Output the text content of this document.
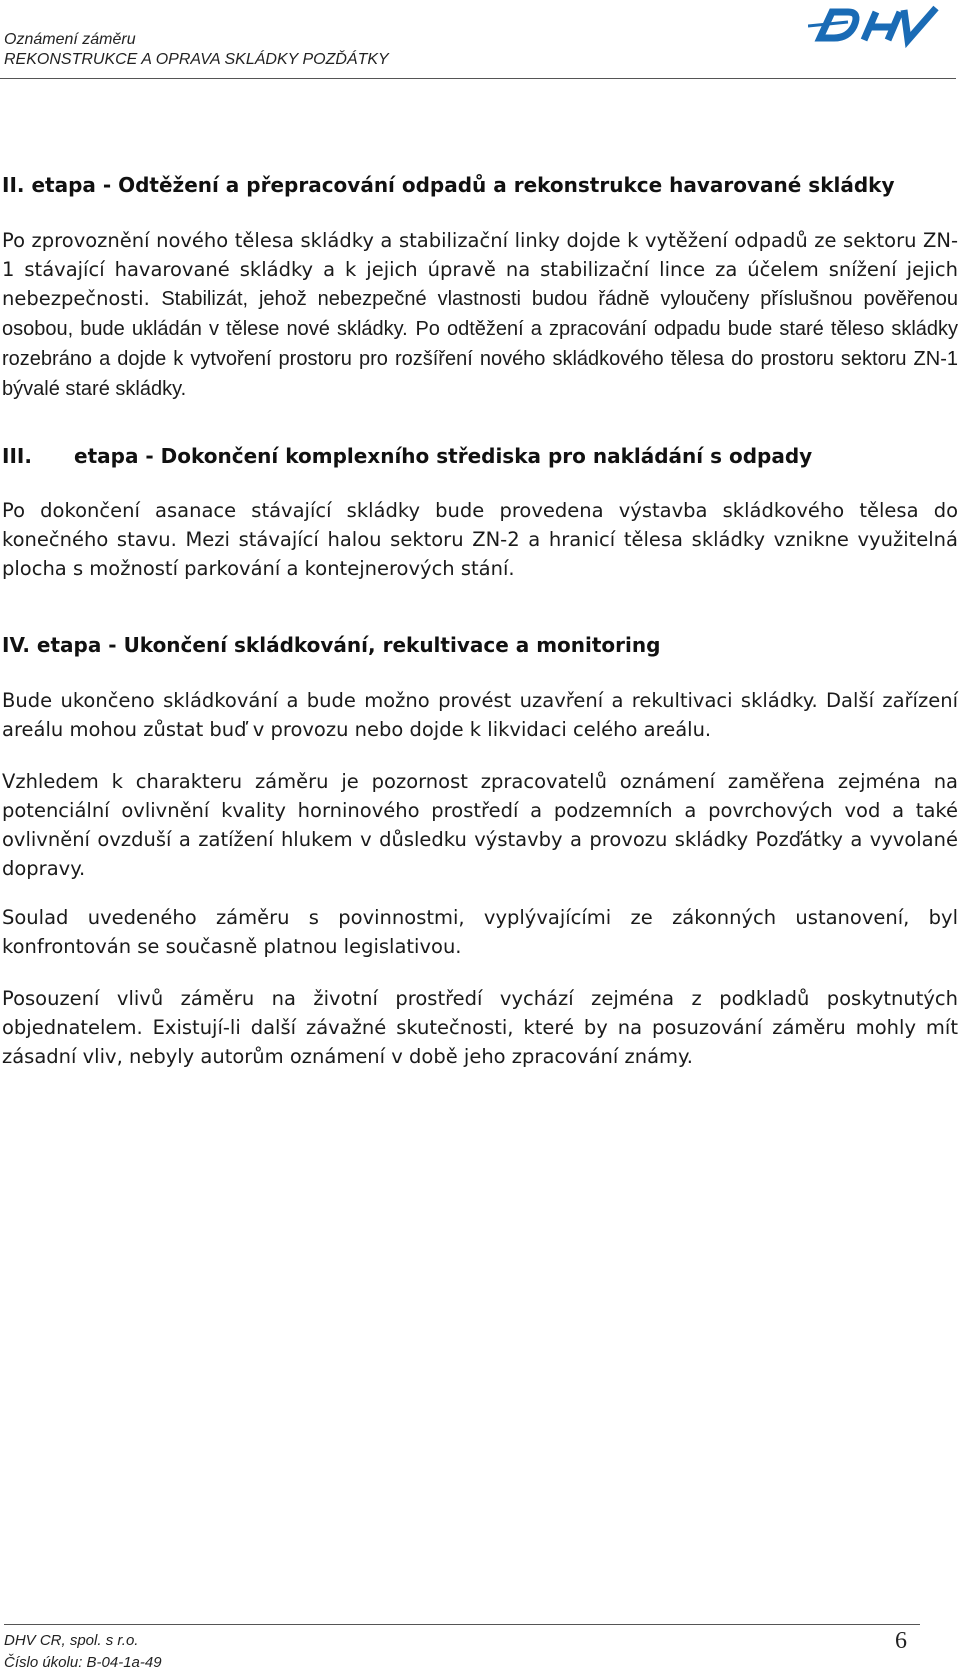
Oznámení záměru
REKONSTRUKCE A OPRAVA SKLÁDKY POZĎÁTKY
II. etapa - Odtěžení a přepracování odpadů a rekonstrukce havarované skládky

Po zprovoznění nového tělesa skládky a stabilizační linky dojde k vytěžení odpadů ze sektoru ZN-1 stávající havarované skládky a k jejich úpravě na stabilizační lince za účelem snížení jejich nebezpečnosti. Stabilizát, jehož nebezpečné vlastnosti budou řádně vyloučeny příslušnou pověřenou osobou, bude ukládán v tělese nové skládky. Po odtěžení a zpracování odpadu bude staré těleso skládky rozebráno a dojde k vytvoření prostoru pro rozšíření nového skládkového tělesa do prostoru sektoru ZN-1 bývalé staré skládky.

III. etapa - Dokončení komplexního střediska pro nakládání s odpady

Po dokončení asanace stávající skládky bude provedena výstavba skládkového tělesa do konečného stavu. Mezi stávající halou sektoru ZN-2 a hranicí tělesa skládky vznikne využitelná plocha s možností parkování a kontejnerových stání.

IV. etapa - Ukončení skládkování, rekultivace a monitoring

Bude ukončeno skládkování a bude možno provést uzavření a rekultivaci skládky. Další zařízení areálu mohou zůstat buď v provozu nebo dojde k likvidaci celého areálu.

Vzhledem k charakteru záměru je pozornost zpracovatelů oznámení zaměřena zejména na potenciální ovlivnění kvality horninového prostředí a podzemních a povrchových vod a také ovlivnění ovzduší a zatížení hlukem v důsledku výstavby a provozu skládky Pozďátky a vyvolané dopravy.

Soulad uvedeného záměru s povinnostmi, vyplývajícími ze zákonných ustanovení, byl konfrontován se současně platnou legislativou.

Posouzení vlivů záměru na životní prostředí vychází zejména z podkladů poskytnutých objednatelem. Existují-li další závažné skutečnosti, které by na posuzování záměru mohly mít zásadní vliv, nebyly autorům oznámení v době jeho zpracování známy.

DHV CR, spol. s r.o.
Číslo úkolu: B-04-1a-49
6
